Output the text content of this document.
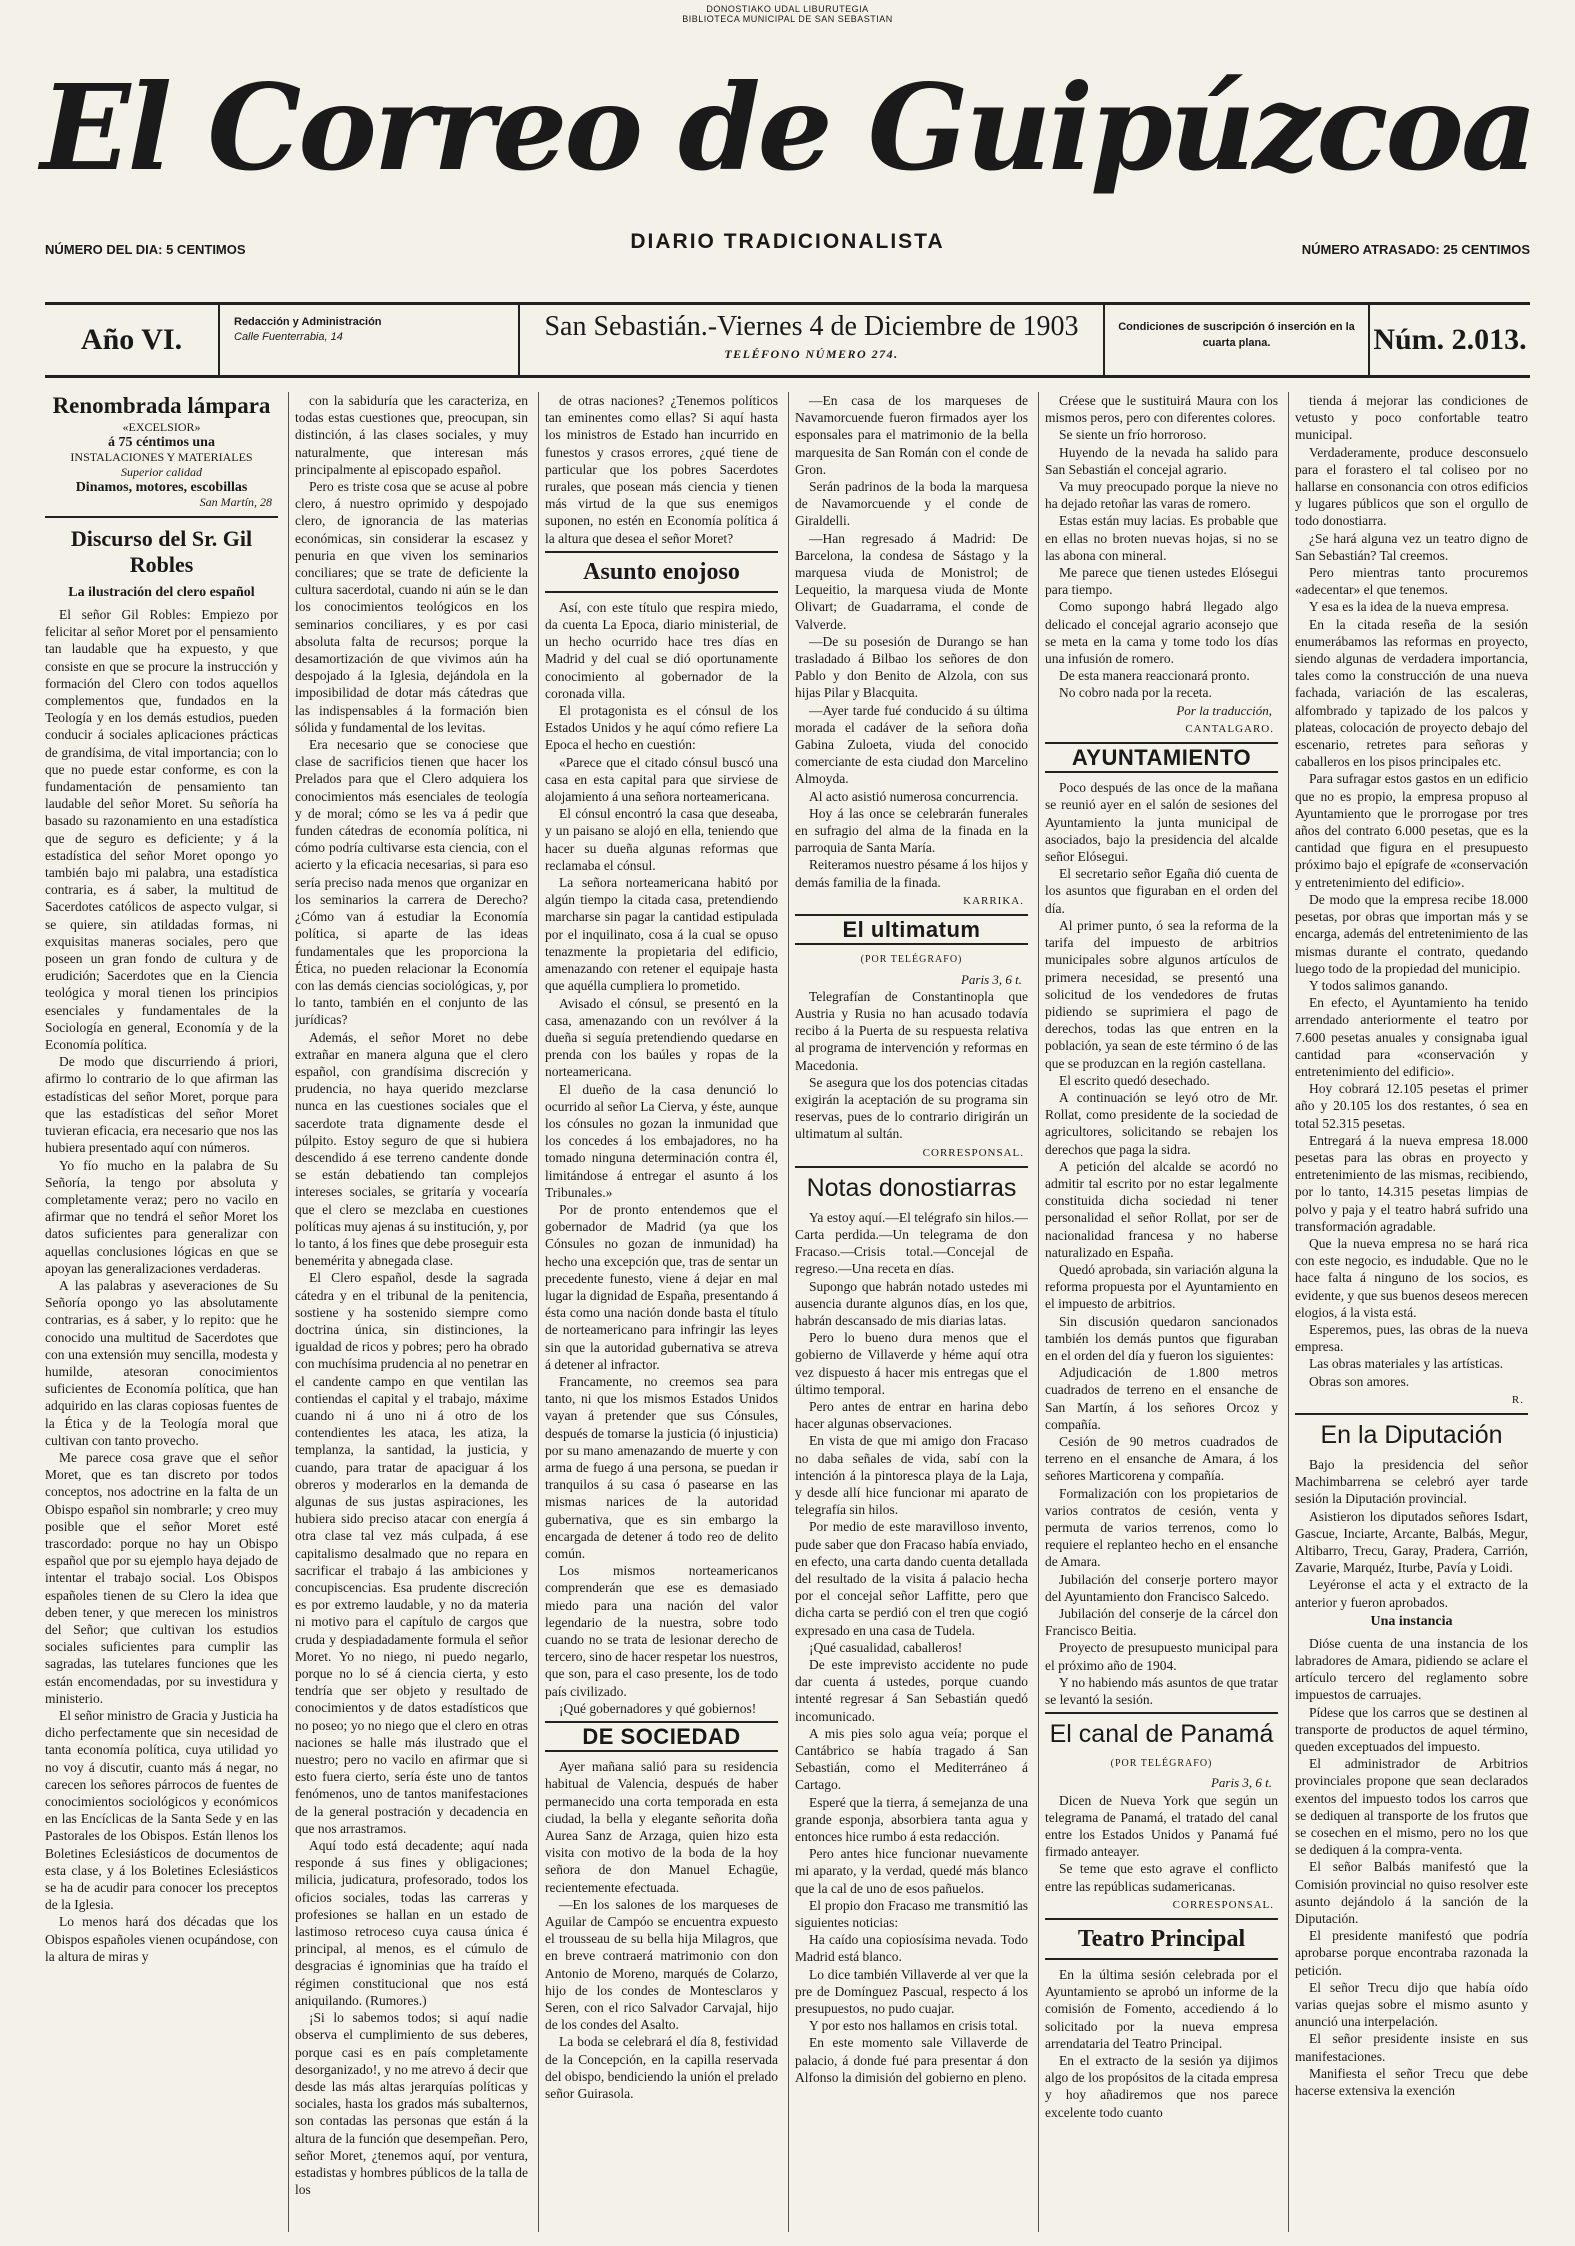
DONOSTIAKO UDAL LIBURUTEGIA
BIBLIOTECA MUNICIPAL DE SAN SEBASTIAN
El Correo de Guipúzcoa
NÚMERO DEL DIA: 5 CENTIMOS	DIARIO TRADICIONALISTA	NÚMERO ATRASADO: 25 CENTIMOS
Año VI.
Redacción y Administración
Calle Fuenterrabia, 14	San Sebastián.-Viernes 4 de Diciembre de 1903
TELÉFONO NÚMERO 274.
Condiciones de suscripción ó inserción en la cuarta plana.	Núm. 2.013.
Renombrada lámpara
«EXCELSIOR»
á 75 céntimos una
INSTALACIONES Y MATERIALES
Superior calidad
Dinamos, motores, escobillas
San Martín, 28
Discurso del Sr. Gil Robles
La ilustración del clero español

El señor Gil Robles: Empiezo por felicitar al señor Moret por el pensamiento tan laudable que ha expuesto, y que consiste en que se procure la instrucción y formación del Clero con todos aquellos complementos que, fundados en la Teología y en los demás estudios, pueden conducir á sociales aplicaciones prácticas de grandísima, de vital importancia; con lo que no puede estar conforme, es con la fundamentación de pensamiento tan laudable del señor Moret. Su señoría ha basado su razonamiento en una estadística que de seguro es deficiente; y á la estadística del señor Moret opongo yo también bajo mi palabra, una estadística contraria, es á saber, la multitud de Sacerdotes católicos de aspecto vulgar, si se quiere, sin atildadas formas, ni exquisitas maneras sociales, pero que poseen un gran fondo de cultura y de erudición; Sacerdotes que en la Ciencia teológica y moral tienen los principios esenciales y fundamentales de la Sociología en general, Economía y de la Economía política.

De modo que discurriendo á priori, afirmo lo contrario de lo que afirman las estadísticas del señor Moret, porque para que las estadísticas del señor Moret tuvieran eficacia, era necesario que nos las hubiera presentado aquí con números.

Yo fío mucho en la palabra de Su Señoría, la tengo por absoluta y completamente veraz; pero no vacilo en afirmar que no tendrá el señor Moret los datos suficientes para generalizar con aquellas conclusiones lógicas en que se apoyan las generalizaciones verdaderas.

A las palabras y aseveraciones de Su Señoría opongo yo las absolutamente contrarias, es á saber, y lo repito: que he conocido una multitud de Sacerdotes que con una extensión muy sencilla, modesta y humilde, atesoran conocimientos suficientes de Economía política, que han adquirido en las claras copiosas fuentes de la Ética y de la Teología moral que cultivan con tanto provecho.

Me parece cosa grave que el señor Moret, que es tan discreto por todos conceptos, nos adoctrine en la falta de un Obispo español sin nombrarle; y creo muy posible que el señor Moret esté trascordado: porque no hay un Obispo español que por su ejemplo haya dejado de intentar el trabajo social. Los Obispos españoles tienen de su Clero la idea que deben tener, y que merecen los ministros del Señor; que cultivan los estudios sociales suficientes para cumplir las sagradas, las tutelares funciones que les están encomendadas, por su investidura y ministerio.

El señor ministro de Gracia y Justicia ha dicho perfectamente que sin necesidad de tanta economía política, cuya utilidad yo no voy á discutir, cuanto más á negar, no carecen los señores párrocos de fuentes de conocimientos sociológicos y económicos en las Encíclicas de la Santa Sede y en las Pastorales de los Obispos. Están llenos los Boletines Eclesiásticos de documentos de esta clase, y á los Boletines Eclesiásticos se ha de acudir para conocer los preceptos de la Iglesia.

Lo menos hará dos décadas que los Obispos españoles vienen ocupándose, con la altura de miras y

con la sabiduría que les caracteriza, en todas estas cuestiones que, preocupan, sin distinción, á las clases sociales, y muy naturalmente, que interesan más principalmente al episcopado español.

Pero es triste cosa que se acuse al pobre clero, á nuestro oprimido y despojado clero, de ignorancia de las materias económicas, sin considerar la escasez y penuria en que viven los seminarios conciliares; que se trate de deficiente la cultura sacerdotal, cuando ni aún se le dan los conocimientos teológicos en los seminarios conciliares, y es por casi absoluta falta de recursos; porque la desamortización de que vivimos aún ha despojado á la Iglesia, dejándola en la imposibilidad de dotar más cátedras que las indispensables á la formación bien sólida y fundamental de los levitas.

Era necesario que se conociese que clase de sacrificios tienen que hacer los Prelados para que el Clero adquiera los conocimientos más esenciales de teología y de moral; cómo se les va á pedir que funden cátedras de economía política, ni cómo podría cultivarse esta ciencia, con el acierto y la eficacia necesarias, si para eso sería preciso nada menos que organizar en los seminarios la carrera de Derecho? ¿Cómo van á estudiar la Economía política, si aparte de las ideas fundamentales que les proporciona la Ética, no pueden relacionar la Economía con las demás ciencias sociológicas, y, por lo tanto, también en el conjunto de las jurídicas?

Además, el señor Moret no debe extrañar en manera alguna que el clero español, con grandísima discreción y prudencia, no haya querido mezclarse nunca en las cuestiones sociales que el sacerdote trata dignamente desde el púlpito. Estoy seguro de que si hubiera descendido á ese terreno candente donde se están debatiendo tan complejos intereses sociales, se gritaría y vocearía que el clero se mezclaba en cuestiones políticas muy ajenas á su institución, y, por lo tanto, á los fines que debe proseguir esta benemérita y abnegada clase.

El Clero español, desde la sagrada cátedra y en el tribunal de la penitencia, sostiene y ha sostenido siempre como doctrina única, sin distinciones, la igualdad de ricos y pobres; pero ha obrado con muchísima prudencia al no penetrar en el candente campo en que ventilan las contiendas el capital y el trabajo, máxime cuando ni á uno ni á otro de los contendientes les ataca, les atiza, la templanza, la santidad, la justicia, y cuando, para tratar de apaciguar á los obreros y moderarlos en la demanda de algunas de sus justas aspiraciones, les hubiera sido preciso atacar con energía á otra clase tal vez más culpada, á ese capitalismo desalmado que no repara en sacrificar el trabajo á las ambiciones y concupiscencias. Esa prudente discreción es por extremo laudable, y no da materia ni motivo para el capítulo de cargos que cruda y despiadadamente formula el señor Moret. Yo no niego, ni puedo negarlo, porque no lo sé á ciencia cierta, y esto tendría que ser objeto y resultado de conocimientos y de datos estadísticos que no poseo; yo no niego que el clero en otras naciones se halle más ilustrado que el nuestro; pero no vacilo en afirmar que si esto fuera cierto, sería éste uno de tantos fenómenos, uno de tantos manifestaciones de la general postración y decadencia en que nos arrastramos.

Aquí todo está decadente; aquí nada responde á sus fines y obligaciones; milicia, judicatura, profesorado, todos los oficios sociales, todas las carreras y profesiones se hallan en un estado de lastimoso retroceso cuya causa única é principal, al menos, es el cúmulo de desgracias é ignominias que ha traído el régimen constitucional que nos está aniquilando. (Rumores.)

¡Si lo sabemos todos; si aquí nadie observa el cumplimiento de sus deberes, porque casi es en país completamente desorganizado!, y no me atrevo á decir que desde las más altas jerarquías políticas y sociales, hasta los grados más subalternos, son contadas las personas que están á la altura de la función que desempeñan. Pero, señor Moret, ¿tenemos aquí, por ventura, estadistas y hombres públicos de la talla de los

de otras naciones? ¿Tenemos políticos tan eminentes como ellas? Si aquí hasta los ministros de Estado han incurrido en funestos y crasos errores, ¿qué tiene de particular que los pobres Sacerdotes rurales, que posean más ciencia y tienen más virtud de la que sus enemigos suponen, no estén en Economía política á la altura que desea el señor Moret?

Asunto enojoso

Así, con este título que respira miedo, da cuenta La Epoca, diario ministerial, de un hecho ocurrido hace tres días en Madrid y del cual se dió oportunamente conocimiento al gobernador de la coronada villa.

El protagonista es el cónsul de los Estados Unidos y he aquí cómo refiere La Epoca el hecho en cuestión:

«Parece que el citado cónsul buscó una casa en esta capital para que sirviese de alojamiento á una señora norteamericana.

El cónsul encontró la casa que deseaba, y un paisano se alojó en ella, teniendo que hacer su dueña algunas reformas que reclamaba el cónsul.

La señora norteamericana habitó por algún tiempo la citada casa, pretendiendo marcharse sin pagar la cantidad estipulada por el inquilinato, cosa á la cual se opuso tenazmente la propietaria del edificio, amenazando con retener el equipaje hasta que aquélla cumpliera lo prometido.

Avisado el cónsul, se presentó en la casa, amenazando con un revólver á la dueña si seguía pretendiendo quedarse en prenda con los baúles y ropas de la norteamericana.

El dueño de la casa denunció lo ocurrido al señor La Cierva, y éste, aunque los cónsules no gozan la inmunidad que los concedes á los embajadores, no ha tomado ninguna determinación contra él, limitándose á entregar el asunto á los Tribunales.»

Por de pronto entendemos que el gobernador de Madrid (ya que los Cónsules no gozan de inmunidad) ha hecho una excepción que, tras de sentar un precedente funesto, viene á dejar en mal lugar la dignidad de España, presentando á ésta como una nación donde basta el título de norteamericano para infringir las leyes sin que la autoridad gubernativa se atreva á detener al infractor.

Francamente, no creemos sea para tanto, ni que los mismos Estados Unidos vayan á pretender que sus Cónsules, después de tomarse la justicia (ó injusticia) por su mano amenazando de muerte y con arma de fuego á una persona, se puedan ir tranquilos á su casa ó pasearse en las mismas narices de la autoridad gubernativa, que es sin embargo la encargada de detener á todo reo de delito común.

Los mismos norteamericanos comprenderán que ese es demasiado miedo para una nación del valor legendario de la nuestra, sobre todo cuando no se trata de lesionar derecho de tercero, sino de hacer respetar los nuestros, que son, para el caso presente, los de todo país civilizado.

¡Qué gobernadores y qué gobiernos!

DE SOCIEDAD

Ayer mañana salió para su residencia habitual de Valencia, después de haber permanecido una corta temporada en esta ciudad, la bella y elegante señorita doña Aurea Sanz de Arzaga, quien hizo esta visita con motivo de la boda de la hoy señora de don Manuel Echagüe, recientemente efectuada.

—En los salones de los marqueses de Aguilar de Campóo se encuentra expuesto el trousseau de su bella hija Milagros, que en breve contraerá matrimonio con don Antonio de Moreno, marqués de Colarzo, hijo de los condes de Montesclaros y Seren, con el rico Salvador Carvajal, hijo de los condes del Asalto.

La boda se celebrará el día 8, festividad de la Concepción, en la capilla reservada del obispo, bendiciendo la unión el prelado señor Guirasola.

—En casa de los marqueses de Navamorcuende fueron firmados ayer los esponsales para el matrimonio de la bella marquesita de San Román con el conde de Gron.

Serán padrinos de la boda la marquesa de Navamorcuende y el conde de Giraldelli.

—Han regresado á Madrid: De Barcelona, la condesa de Sástago y la marquesa viuda de Monistrol; de Lequeitio, la marquesa viuda de Monte Olivart; de Guadarrama, el conde de Valverde.

—De su posesión de Durango se han trasladado á Bilbao los señores de don Pablo y don Benito de Alzola, con sus hijas Pilar y Blacquita.

—Ayer tarde fué conducido á su última morada el cadáver de la señora doña Gabina Zuloeta, viuda del conocido comerciante de esta ciudad don Marcelino Almoyda.

Al acto asistió numerosa concurrencia.

Hoy á las once se celebrarán funerales en sufragio del alma de la finada en la parroquia de Santa María.

Reiteramos nuestro pésame á los hijos y demás familia de la finada.

KARRIKA.
El ultimatum
(POR TELÉGRAFO)
Paris 3, 6 t.

Telegrafían de Constantinopla que Austria y Rusia no han acusado todavía recibo á la Puerta de su respuesta relativa al programa de intervención y reformas en Macedonia.

Se asegura que los dos potencias citadas exigirán la aceptación de su programa sin reservas, pues de lo contrario dirigirán un ultimatum al sultán.

CORRESPONSAL.
Notas donostiarras

Ya estoy aquí.—El telégrafo sin hilos.—Carta perdida.—Un telegrama de don Fracaso.—Crisis total.—Concejal de regreso.—Una receta en días.

Supongo que habrán notado ustedes mi ausencia durante algunos días, en los que, habrán descansado de mis diarias latas.

Pero lo bueno dura menos que el gobierno de Villaverde y héme aquí otra vez dispuesto á hacer mis entregas que el último temporal.

Pero antes de entrar en harina debo hacer algunas observaciones.

En vista de que mi amigo don Fracaso no daba señales de vida, sabí con la intención á la pintoresca playa de la Laja, y desde allí hice funcionar mi aparato de telegrafía sin hilos.

Por medio de este maravilloso invento, pude saber que don Fracaso había enviado, en efecto, una carta dando cuenta detallada del resultado de la visita á palacio hecha por el concejal señor Laffitte, pero que dicha carta se perdió con el tren que cogió expresado en una casa de Tudela.

¡Qué casualidad, caballeros!

De este imprevisto accidente no pude dar cuenta á ustedes, porque cuando intenté regresar á San Sebastián quedó incomunicado.

A mis pies solo agua veía; porque el Cantábrico se había tragado á San Sebastián, como el Mediterráneo á Cartago.

Esperé que la tierra, á semejanza de una grande esponja, absorbiera tanta agua y entonces hice rumbo á esta redacción.

Pero antes hice funcionar nuevamente mi aparato, y la verdad, quedé más blanco que la cal de uno de esos pañuelos.

El propio don Fracaso me transmitió las siguientes noticias:

Ha caído una copiosísima nevada. Todo Madrid está blanco.

Lo dice también Villaverde al ver que la pre de Domínguez Pascual, respecto á los presupuestos, no pudo cuajar.

Y por esto nos hallamos en crisis total.

En este momento sale Villaverde de palacio, á donde fué para presentar á don Alfonso la dimisión del gobierno en pleno.

Créese que le sustituirá Maura con los mismos peros, pero con diferentes colores.

Se siente un frío horroroso.

Huyendo de la nevada ha salido para San Sebastián el concejal agrario.

Va muy preocupado porque la nieve no ha dejado retoñar las varas de romero.

Estas están muy lacias. Es probable que en ellas no broten nuevas hojas, si no se las abona con mineral.

Me parece que tienen ustedes Elósegui para tiempo.

Como supongo habrá llegado algo delicado el concejal agrario aconsejo que se meta en la cama y tome todo los días una infusión de romero.

De esta manera reaccionará pronto.

No cobro nada por la receta.

Por la traducción,
CANTALGARO.
AYUNTAMIENTO

Poco después de las once de la mañana se reunió ayer en el salón de sesiones del Ayuntamiento la junta municipal de asociados, bajo la presidencia del alcalde señor Elósegui.

El secretario señor Egaña dió cuenta de los asuntos que figuraban en el orden del día.

Al primer punto, ó sea la reforma de la tarifa del impuesto de arbitrios municipales sobre algunos artículos de primera necesidad, se presentó una solicitud de los vendedores de frutas pidiendo se suprimiera el pago de derechos, todas las que entren en la población, ya sean de este término ó de las que se produzcan en la región castellana.

El escrito quedó desechado.

A continuación se leyó otro de Mr. Rollat, como presidente de la sociedad de agricultores, solicitando se rebajen los derechos que paga la sidra.

A petición del alcalde se acordó no admitir tal escrito por no estar legalmente constituida dicha sociedad ni tener personalidad el señor Rollat, por ser de nacionalidad francesa y no haberse naturalizado en España.

Quedó aprobada, sin variación alguna la reforma propuesta por el Ayuntamiento en el impuesto de arbitrios.

Sin discusión quedaron sancionados también los demás puntos que figuraban en el orden del día y fueron los siguientes:

Adjudicación de 1.800 metros cuadrados de terreno en el ensanche de San Martín, á los señores Orcoz y compañía.

Cesión de 90 metros cuadrados de terreno en el ensanche de Amara, á los señores Marticorena y compañía.

Formalización con los propietarios de varios contratos de cesión, venta y permuta de varios terrenos, como lo requiere el replanteo hecho en el ensanche de Amara.

Jubilación del conserje portero mayor del Ayuntamiento don Francisco Salcedo.

Jubilación del conserje de la cárcel don Francisco Beitia.

Proyecto de presupuesto municipal para el próximo año de 1904.

Y no habiendo más asuntos de que tratar se levantó la sesión.

El canal de Panamá
(POR TELÉGRAFO)
Paris 3, 6 t.

Dicen de Nueva York que según un telegrama de Panamá, el tratado del canal entre los Estados Unidos y Panamá fué firmado anteayer.

Se teme que esto agrave el conflicto entre las repúblicas sudamericanas.

CORRESPONSAL.
Teatro Principal

En la última sesión celebrada por el Ayuntamiento se aprobó un informe de la comisión de Fomento, accediendo á lo solicitado por la nueva empresa arrendataria del Teatro Principal.

En el extracto de la sesión ya dijimos algo de los propósitos de la citada empresa y hoy añadiremos que nos parece excelente todo cuanto

tienda á mejorar las condiciones de vetusto y poco confortable teatro municipal.

Verdaderamente, produce desconsuelo para el forastero el tal coliseo por no hallarse en consonancia con otros edificios y lugares públicos que son el orgullo de todo donostiarra.

¿Se hará alguna vez un teatro digno de San Sebastián? Tal creemos.

Pero mientras tanto procuremos «adecentar» el que tenemos.

Y esa es la idea de la nueva empresa.

En la citada reseña de la sesión enumerábamos las reformas en proyecto, siendo algunas de verdadera importancia, tales como la construcción de una nueva fachada, variación de las escaleras, alfombrado y tapizado de los palcos y plateas, colocación de proyecto debajo del escenario, retretes para señoras y caballeros en los pisos principales etc.

Para sufragar estos gastos en un edificio que no es propio, la empresa propuso al Ayuntamiento que le prorrogase por tres años del contrato 6.000 pesetas, que es la cantidad que figura en el presupuesto próximo bajo el epígrafe de «conservación y entretenimiento del edificio».

De modo que la empresa recibe 18.000 pesetas, por obras que importan más y se encarga, además del entretenimiento de las mismas durante el contrato, quedando luego todo de la propiedad del municipio.

Y todos salimos ganando.

En efecto, el Ayuntamiento ha tenido arrendado anteriormente el teatro por 7.600 pesetas anuales y consignaba igual cantidad para «conservación y entretenimiento del edificio».

Hoy cobrará 12.105 pesetas el primer año y 20.105 los dos restantes, ó sea en total 52.315 pesetas.

Entregará á la nueva empresa 18.000 pesetas para las obras en proyecto y entretenimiento de las mismas, recibiendo, por lo tanto, 14.315 pesetas limpias de polvo y paja y el teatro habrá sufrido una transformación agradable.

Que la nueva empresa no se hará rica con este negocio, es indudable. Que no le hace falta á ninguno de los socios, es evidente, y que sus buenos deseos merecen elogios, á la vista está.

Esperemos, pues, las obras de la nueva empresa.

Las obras materiales y las artísticas.

Obras son amores.

R.
En la Diputación

Bajo la presidencia del señor Machimbarrena se celebró ayer tarde sesión la Diputación provincial.

Asistieron los diputados señores Isdart, Gascue, Inciarte, Arcante, Balbás, Megur, Altibarro, Trecu, Garay, Pradera, Carrión, Zavarie, Marquéz, Iturbe, Pavía y Loidi.

Leyéronse el acta y el extracto de la anterior y fueron aprobados.

Una instancia

Dióse cuenta de una instancia de los labradores de Amara, pidiendo se aclare el artículo tercero del reglamento sobre impuestos de carruajes.

Pídese que los carros que se destinen al transporte de productos de aquel término, queden exceptuados del impuesto.

El administrador de Arbitrios provinciales propone que sean declarados exentos del impuesto todos los carros que se dediquen al transporte de los frutos que se cosechen en el mismo, pero no los que se dediquen á la compra-venta.

El señor Balbás manifestó que la Comisión provincial no quiso resolver este asunto dejándolo á la sanción de la Diputación.

El presidente manifestó que podría aprobarse porque encontraba razonada la petición.

El señor Trecu dijo que había oído varias quejas sobre el mismo asunto y anunció una interpelación.

El señor presidente insiste en sus manifestaciones.

Manifiesta el señor Trecu que debe hacerse extensiva la exención
